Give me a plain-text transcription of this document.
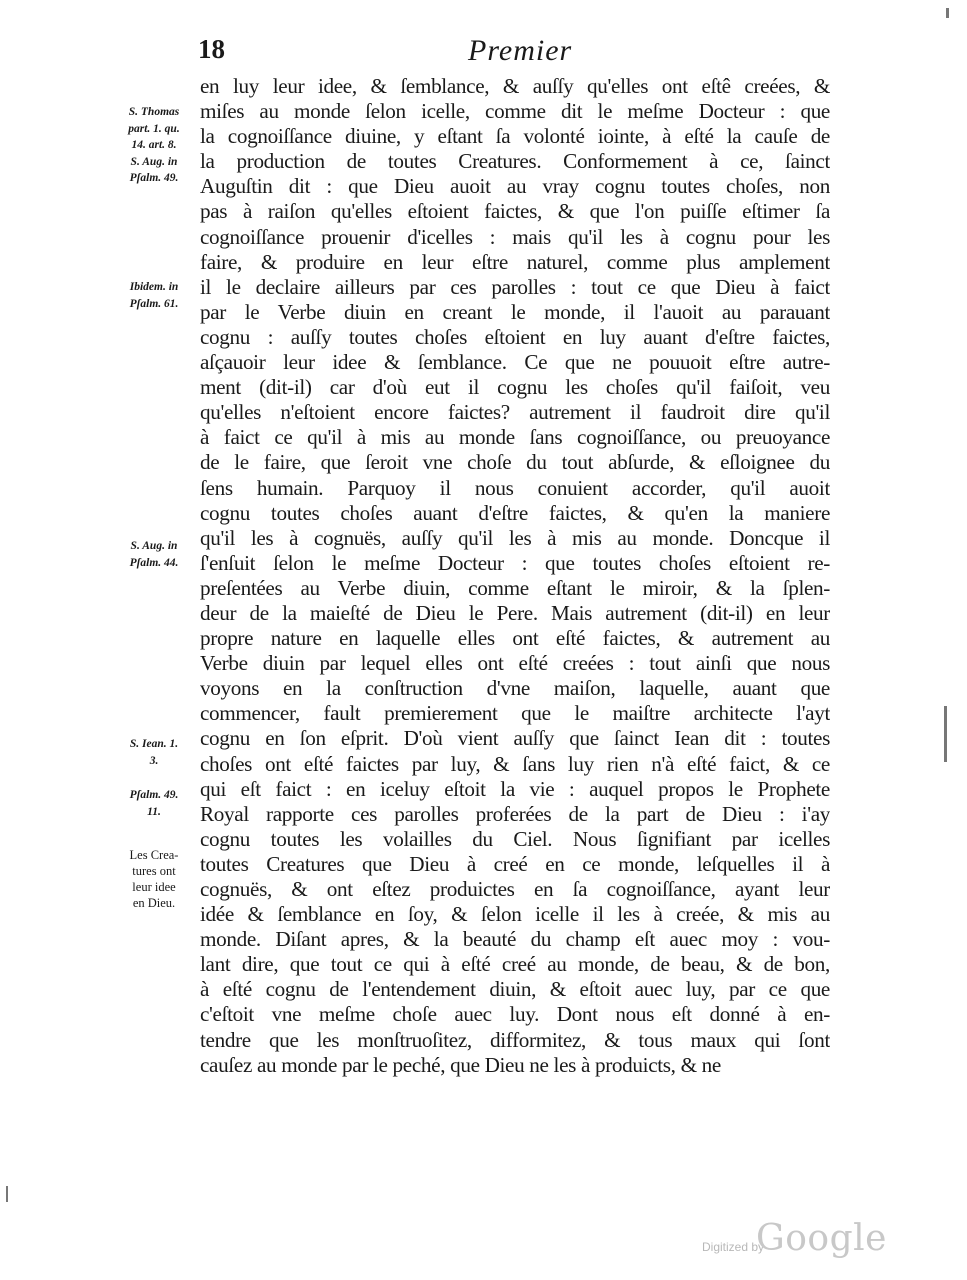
18	Premier
S. Thomas
part. 1. qu.
14. art. 8.
S. Aug. in
Pſalm. 49.
Ibidem. in
Pſalm. 61.
S. Aug. in
Pſalm. 44.
S. Iean. 1.
3.
Pſalm. 49.
11.
Les Crea-
tures ont
leur idee
en Dieu.
en luy leur idee, & ſemblance, & auſſy qu'elles ont eſtê creées, &
miſes au monde ſelon icelle, comme dit le meſme Docteur : que
la cognoiſſance diuine, y eſtant ſa volonté iointe, à eſté la cauſe de
la production de toutes Creatures. Conformement à ce, ſainct
Auguſtin dit : que Dieu auoit au vray cognu toutes choſes, non
pas à raiſon qu'elles eſtoient faictes, & que l'on puiſſe eſtimer ſa
cognoiſſance prouenir d'icelles : mais qu'il les à cognu pour les
faire, & produire en leur eſtre naturel, comme plus amplement
il le declaire ailleurs par ces parolles : tout ce que Dieu à faict
par le Verbe diuin en creant le monde, il l'auoit au parauant
cognu : auſſy toutes choſes eſtoient en luy auant d'eſtre faictes,
aſçauoir leur idee & ſemblance. Ce que ne pouuoit eſtre autre-
ment (dit-il) car d'où eut il cognu les choſes qu'il faiſoit, veu
qu'elles n'eſtoient encore faictes? autrement il faudroit dire qu'il
à faict ce qu'il à mis au monde ſans cognoiſſance, ou preuoyance
de le faire, que ſeroit vne choſe du tout abſurde, & eſloignee du
ſens humain. Parquoy il nous conuient accorder, qu'il auoit
cognu toutes choſes auant d'eſtre faictes, & qu'en la maniere
qu'il les à cognuës, auſſy qu'il les à mis au monde. Doncque il
ſ'enſuit ſelon le meſme Docteur : que toutes choſes eſtoient re-
preſentées au Verbe diuin, comme eſtant le miroir, & la ſplen-
deur de la maieſté de Dieu le Pere. Mais autrement (dit-il) en leur
propre nature en laquelle elles ont eſté faictes, & autrement au
Verbe diuin par lequel elles ont eſté creées : tout ainſi que nous
voyons en la conſtruction d'vne maiſon, laquelle, auant que
commencer, fault premierement que le maiſtre architecte l'ayt
cognu en ſon eſprit. D'où vient auſſy que ſainct Iean dit : toutes
choſes ont eſté faictes par luy, & ſans luy rien n'à eſté faict, & ce
qui eſt faict : en iceluy eſtoit la vie : auquel propos le Prophete
Royal rapporte ces parolles proferées de la part de Dieu : i'ay
cognu toutes les volailles du Ciel. Nous ſignifiant par icelles
toutes Creatures que Dieu à creé en ce monde, leſquelles il à
cognuës, & ont eſtez produictes en ſa cognoiſſance, ayant leur
idée & ſemblance en ſoy, & ſelon icelle il les à creée, & mis au
monde. Diſant apres, & la beauté du champ eſt auec moy : vou-
lant dire, que tout ce qui à eſté creé au monde, de beau, & de bon,
à eſté cognu de l'entendement diuin, & eſtoit auec luy, par ce que
c'eſtoit vne meſme choſe auec luy. Dont nous eſt donné à en-
tendre que les monſtruoſitez, difformitez, & tous maux qui ſont
cauſez au monde par le peché, que Dieu ne les à produicts, & ne
Digitized by
Google
